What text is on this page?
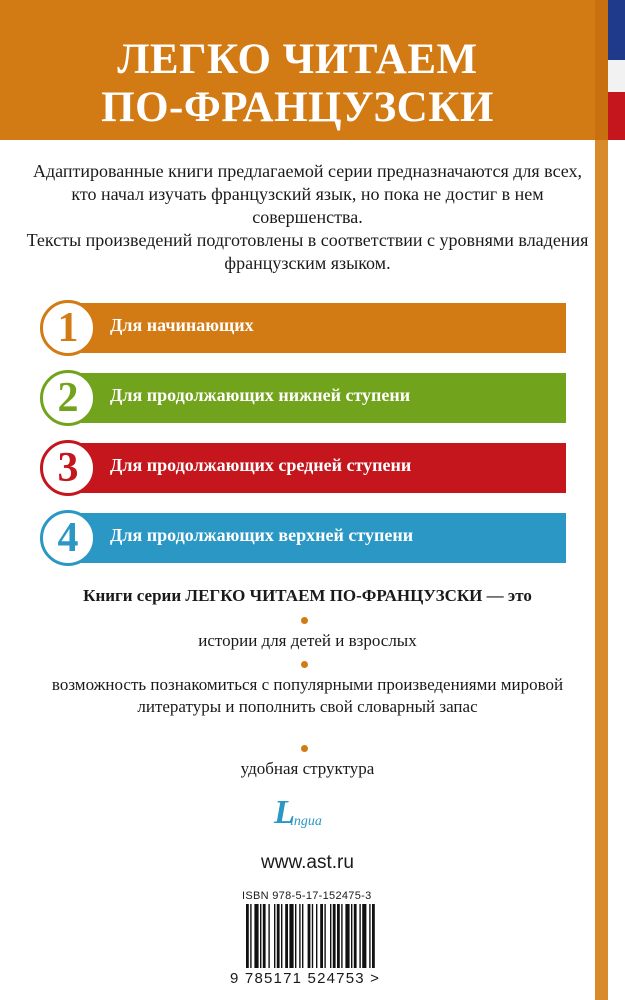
ЛЕГКО ЧИТАЕМ
ПО-ФРАНЦУЗСКИ
Адаптированные книги предлагаемой серии предназначаются для всех, кто начал изучать французский язык, но пока не достиг в нем совершенства.
Тексты произведений подготовлены в соответствии с уровнями владения французским языком.
1	Для начинающих
2	Для продолжающих нижней ступени
3	Для продолжающих средней ступени
4	Для продолжающих верхней ступени
Книги серии ЛЕГКО ЧИТАЕМ ПО-ФРАНЦУЗСКИ — это
истории для детей и взрослых
возможность познакомиться с популярными произведениями мировой литературы и пополнить свой словарный запас
удобная структура
L
ingua
www.ast.ru
ISBN 978-5-17-152475-3
9 785171 524753 >
